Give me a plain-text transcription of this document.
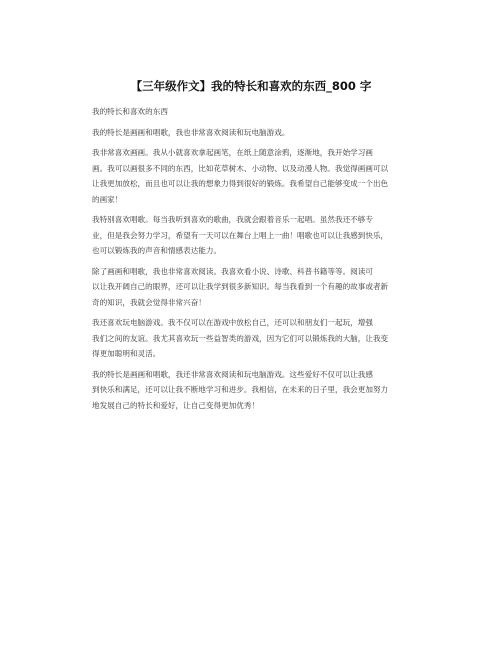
【三年级作文】我的特长和喜欢的东西_800 字

我的特长和喜欢的东西

我的特长是画画和唱歌，我也非常喜欢阅读和玩电脑游戏。

我非常喜欢画画。我从小就喜欢拿起画笔，在纸上随意涂鸦，逐渐地，我开始学习画

画。我可以画很多不同的东西，比如花草树木、小动物、以及动漫人物。我觉得画画可以

让我更加放松，而且也可以让我的想象力得到很好的锻炼。我希望自己能够变成一个出色

的画家！

我特别喜欢唱歌。每当我听到喜欢的歌曲，我就会跟着音乐一起唱。虽然我还不够专

业，但是我会努力学习，希望有一天可以在舞台上唱上一曲！唱歌也可以让我感到快乐，

也可以锻炼我的声音和情感表达能力。

除了画画和唱歌，我也非常喜欢阅读。我喜欢看小说、诗歌、科普书籍等等。阅读可

以让我开阔自己的眼界，还可以让我学到很多新知识。每当我看到一个有趣的故事或者新

奇的知识，我就会觉得非常兴奋！

我还喜欢玩电脑游戏。我不仅可以在游戏中放松自己，还可以和朋友们一起玩，增强

我们之间的友谊。我尤其喜欢玩一些益智类的游戏，因为它们可以锻炼我的大脑，让我变

得更加聪明和灵活。

我的特长是画画和唱歌，我还非常喜欢阅读和玩电脑游戏。这些爱好不仅可以让我感

到快乐和满足，还可以让我不断地学习和进步。我相信，在未来的日子里，我会更加努力

地发展自己的特长和爱好，让自己变得更加优秀！
